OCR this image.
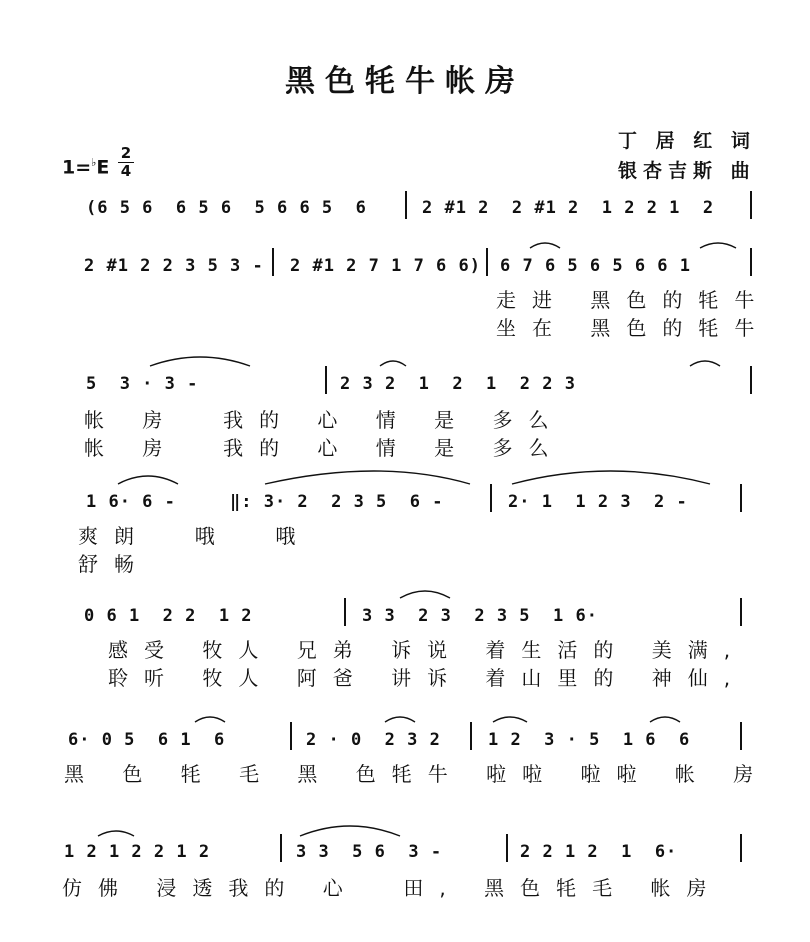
黑色牦牛帐房
丁 居 红 词
银杏吉斯 曲
1=♭E
2
4
(6 5 6  6 5 6  5 6 6 5  6	2 #1 2  2 #1 2  1 2 2 1  2
2 #1 2 2 3 5 3 - 2 #1 2 7 1 7 6 6) 6 7 6 5 6 5 6 6 1
走进 黑色的牦牛
坐在 黑色的牦牛
5  3 · 3 -	2 3 2  1  2  1  2 2 3
帐 房  我的 心 情 是 多么
帐 房  我的 心 情 是 多么
1 6· 6 -	‖: 3· 2  2 3 5  6 -	2· 1  1 2 3  2 -
爽朗  哦  哦
舒畅
0 6 1  2 2  1 2	3 3  2 3  2 3 5  1 6·
感受 牧人 兄弟 诉说 着生活的 美满,
聆听 牧人 阿爸 讲诉 着山里的 神仙,
6· 0 5  6 1  6	2 · 0  2 3 2	1 2  3 · 5  1 6  6
黑 色 牦 毛 黑 色牦牛 啦啦 啦啦 帐 房
1 2 1 2 2 1 2	3 3  5 6  3 -	2 2 1 2  1  6·
仿佛 浸透我的 心  田, 黑色牦毛 帐房
